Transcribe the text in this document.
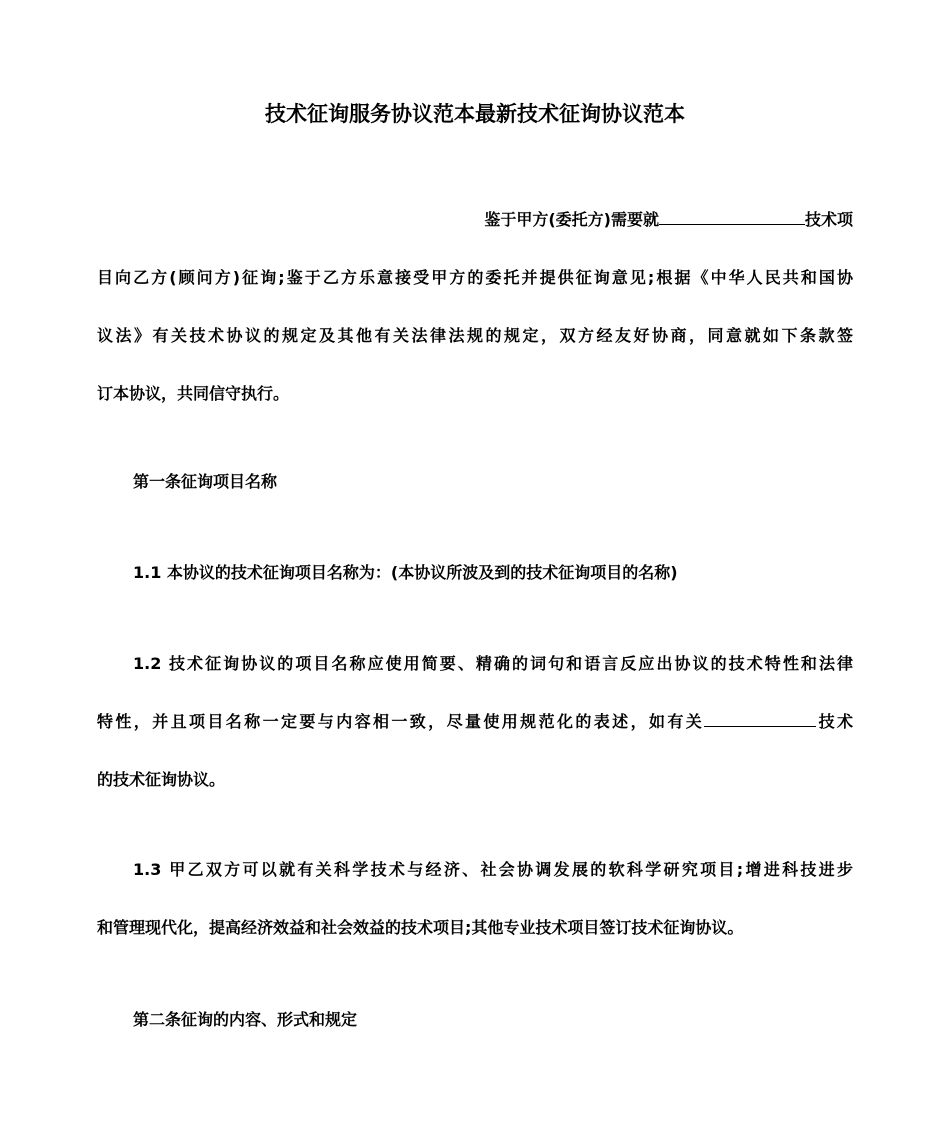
技术征询服务协议范本最新技术征询协议范本
鉴于甲方(委托方)需要就	技术项
目向乙方(顾问方)征询;鉴于乙方乐意接受甲方的委托并提供征询意见;根据《中华人民共和国协
议法》有关技术协议的规定及其他有关法律法规的规定，双方经友好协商，同意就如下条款签
订本协议，共同信守执行。
第一条征询项目名称
1.1 本协议的技术征询项目名称为：(本协议所波及到的技术征询项目的名称)
1.2 技术征询协议的项目名称应使用简要、精确的词句和语言反应出协议的技术特性和法律
特性，并且项目名称一定要与内容相一致，尽量使用规范化的表述，如有关	技术
的技术征询协议。
1.3 甲乙双方可以就有关科学技术与经济、社会协调发展的软科学研究项目;增进科技进步
和管理现代化，提高经济效益和社会效益的技术项目;其他专业技术项目签订技术征询协议。
第二条征询的内容、形式和规定
